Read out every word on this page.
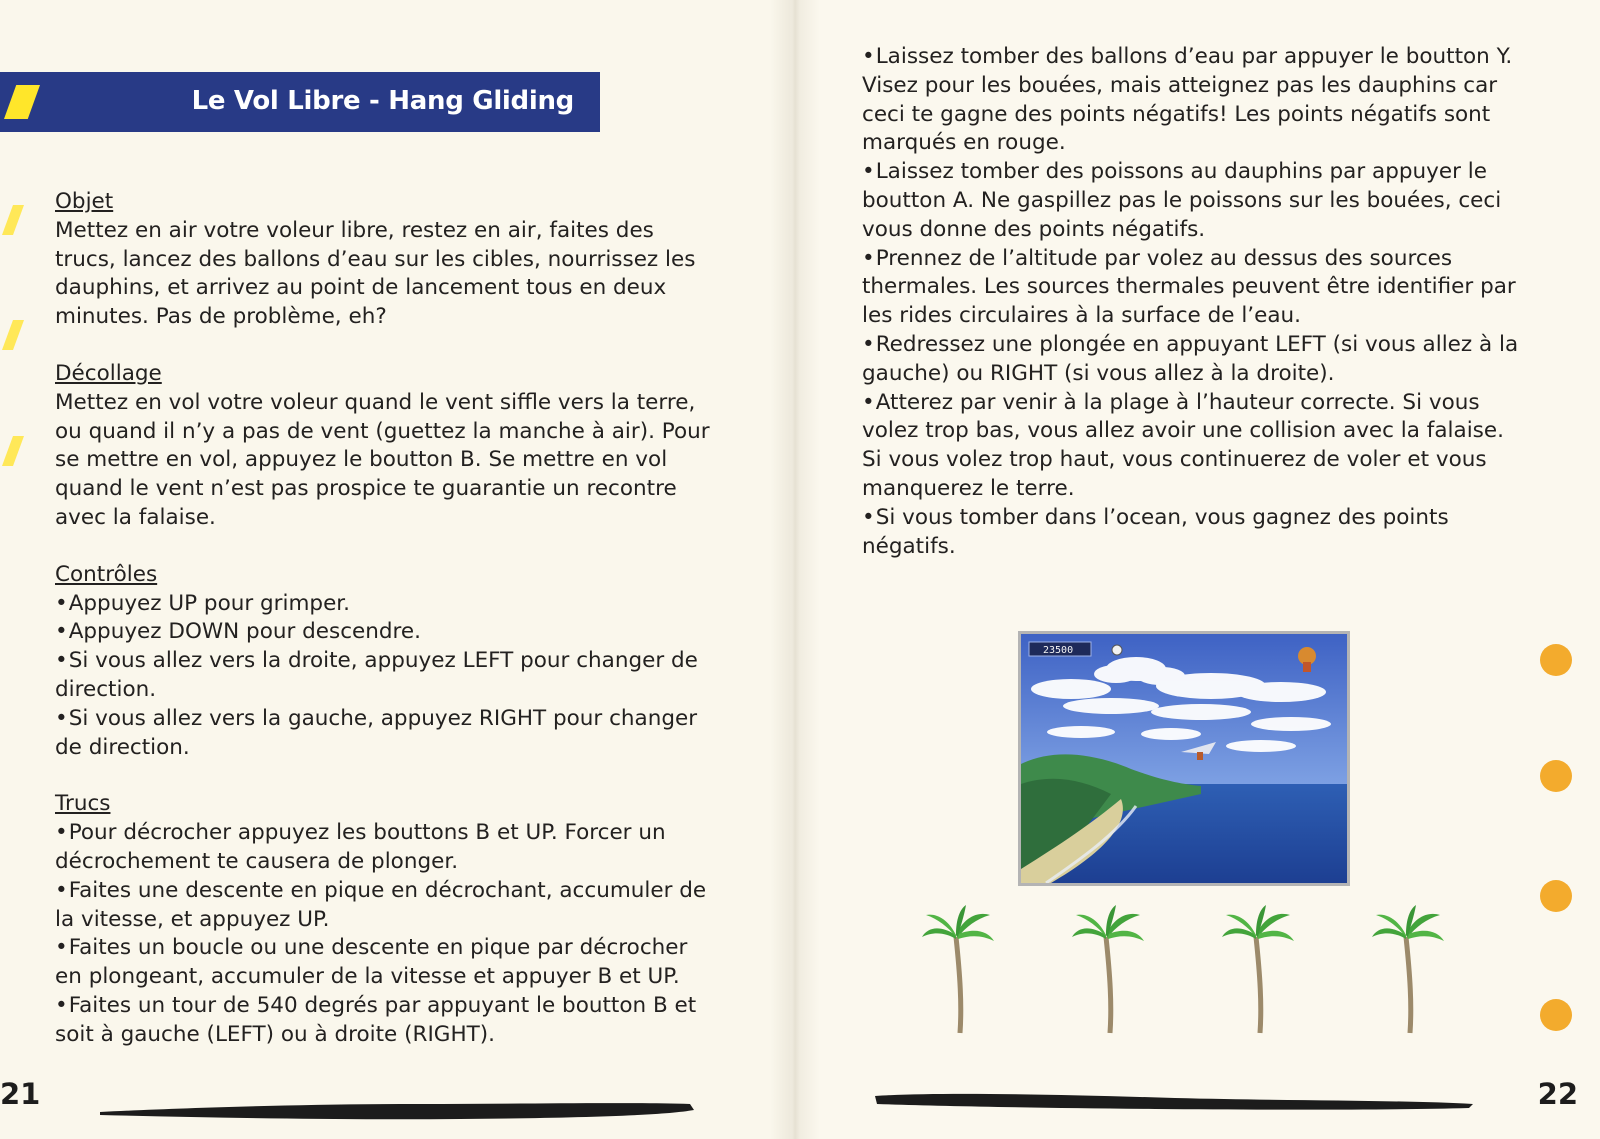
Le Vol Libre - Hang Gliding
Objet

Mettez en air votre voleur libre, restez en air, faites des trucs, lancez des ballons d’eau sur les cibles, nourrissez les dauphins, et arrivez au point de lancement tous en deux minutes. Pas de problème, eh?

Décollage

Mettez en vol votre voleur quand le vent siffle vers la terre, ou quand il n’y a pas de vent (guettez la manche à air). Pour se mettre en vol, appuyez le boutton B. Se mettre en vol quand le vent n’est pas prospice te guarantie un recontre avec la falaise.

Contrôles

• Appuyez UP pour grimper.

• Appuyez DOWN pour descendre.

• Si vous allez vers la droite, appuyez LEFT pour changer de direction.

• Si vous allez vers la gauche, appuyez RIGHT pour changer de direction.

Trucs

• Pour décrocher appuyez les bouttons B et UP. Forcer un décrochement te causera de plonger.

• Faites une descente en pique en décrochant, accumuler de la vitesse, et appuyez UP.

• Faites un boucle ou une descente en pique par décrocher en plongeant, accumuler de la vitesse et appuyer B et UP.

• Faites un tour de 540 degrés par appuyant le boutton B et soit à gauche (LEFT) ou à droite (RIGHT).

21

• Laissez tomber des ballons d’eau par appuyer le boutton Y. Visez pour les bouées, mais atteignez pas les dauphins car ceci te gagne des points négatifs! Les points négatifs sont marqués en rouge.

• Laissez tomber des poissons au dauphins par appuyer le boutton A. Ne gaspillez pas le poissons sur les bouées, ceci vous donne des points négatifs.

• Prennez de l’altitude par volez au dessus des sources thermales. Les sources thermales peuvent être identifier par les rides circulaires à la surface de l’eau.

• Redressez une plongée en appuyant LEFT (si vous allez à la gauche) ou RIGHT (si vous allez à la droite).

• Atterez par venir à la plage à l’hauteur correcte. Si vous volez trop bas, vous allez avoir une collision avec la falaise. Si vous volez trop haut, vous continuerez de voler et vous manquerez le terre.

• Si vous tomber dans l’ocean, vous gagnez des points négatifs.

23500
22
